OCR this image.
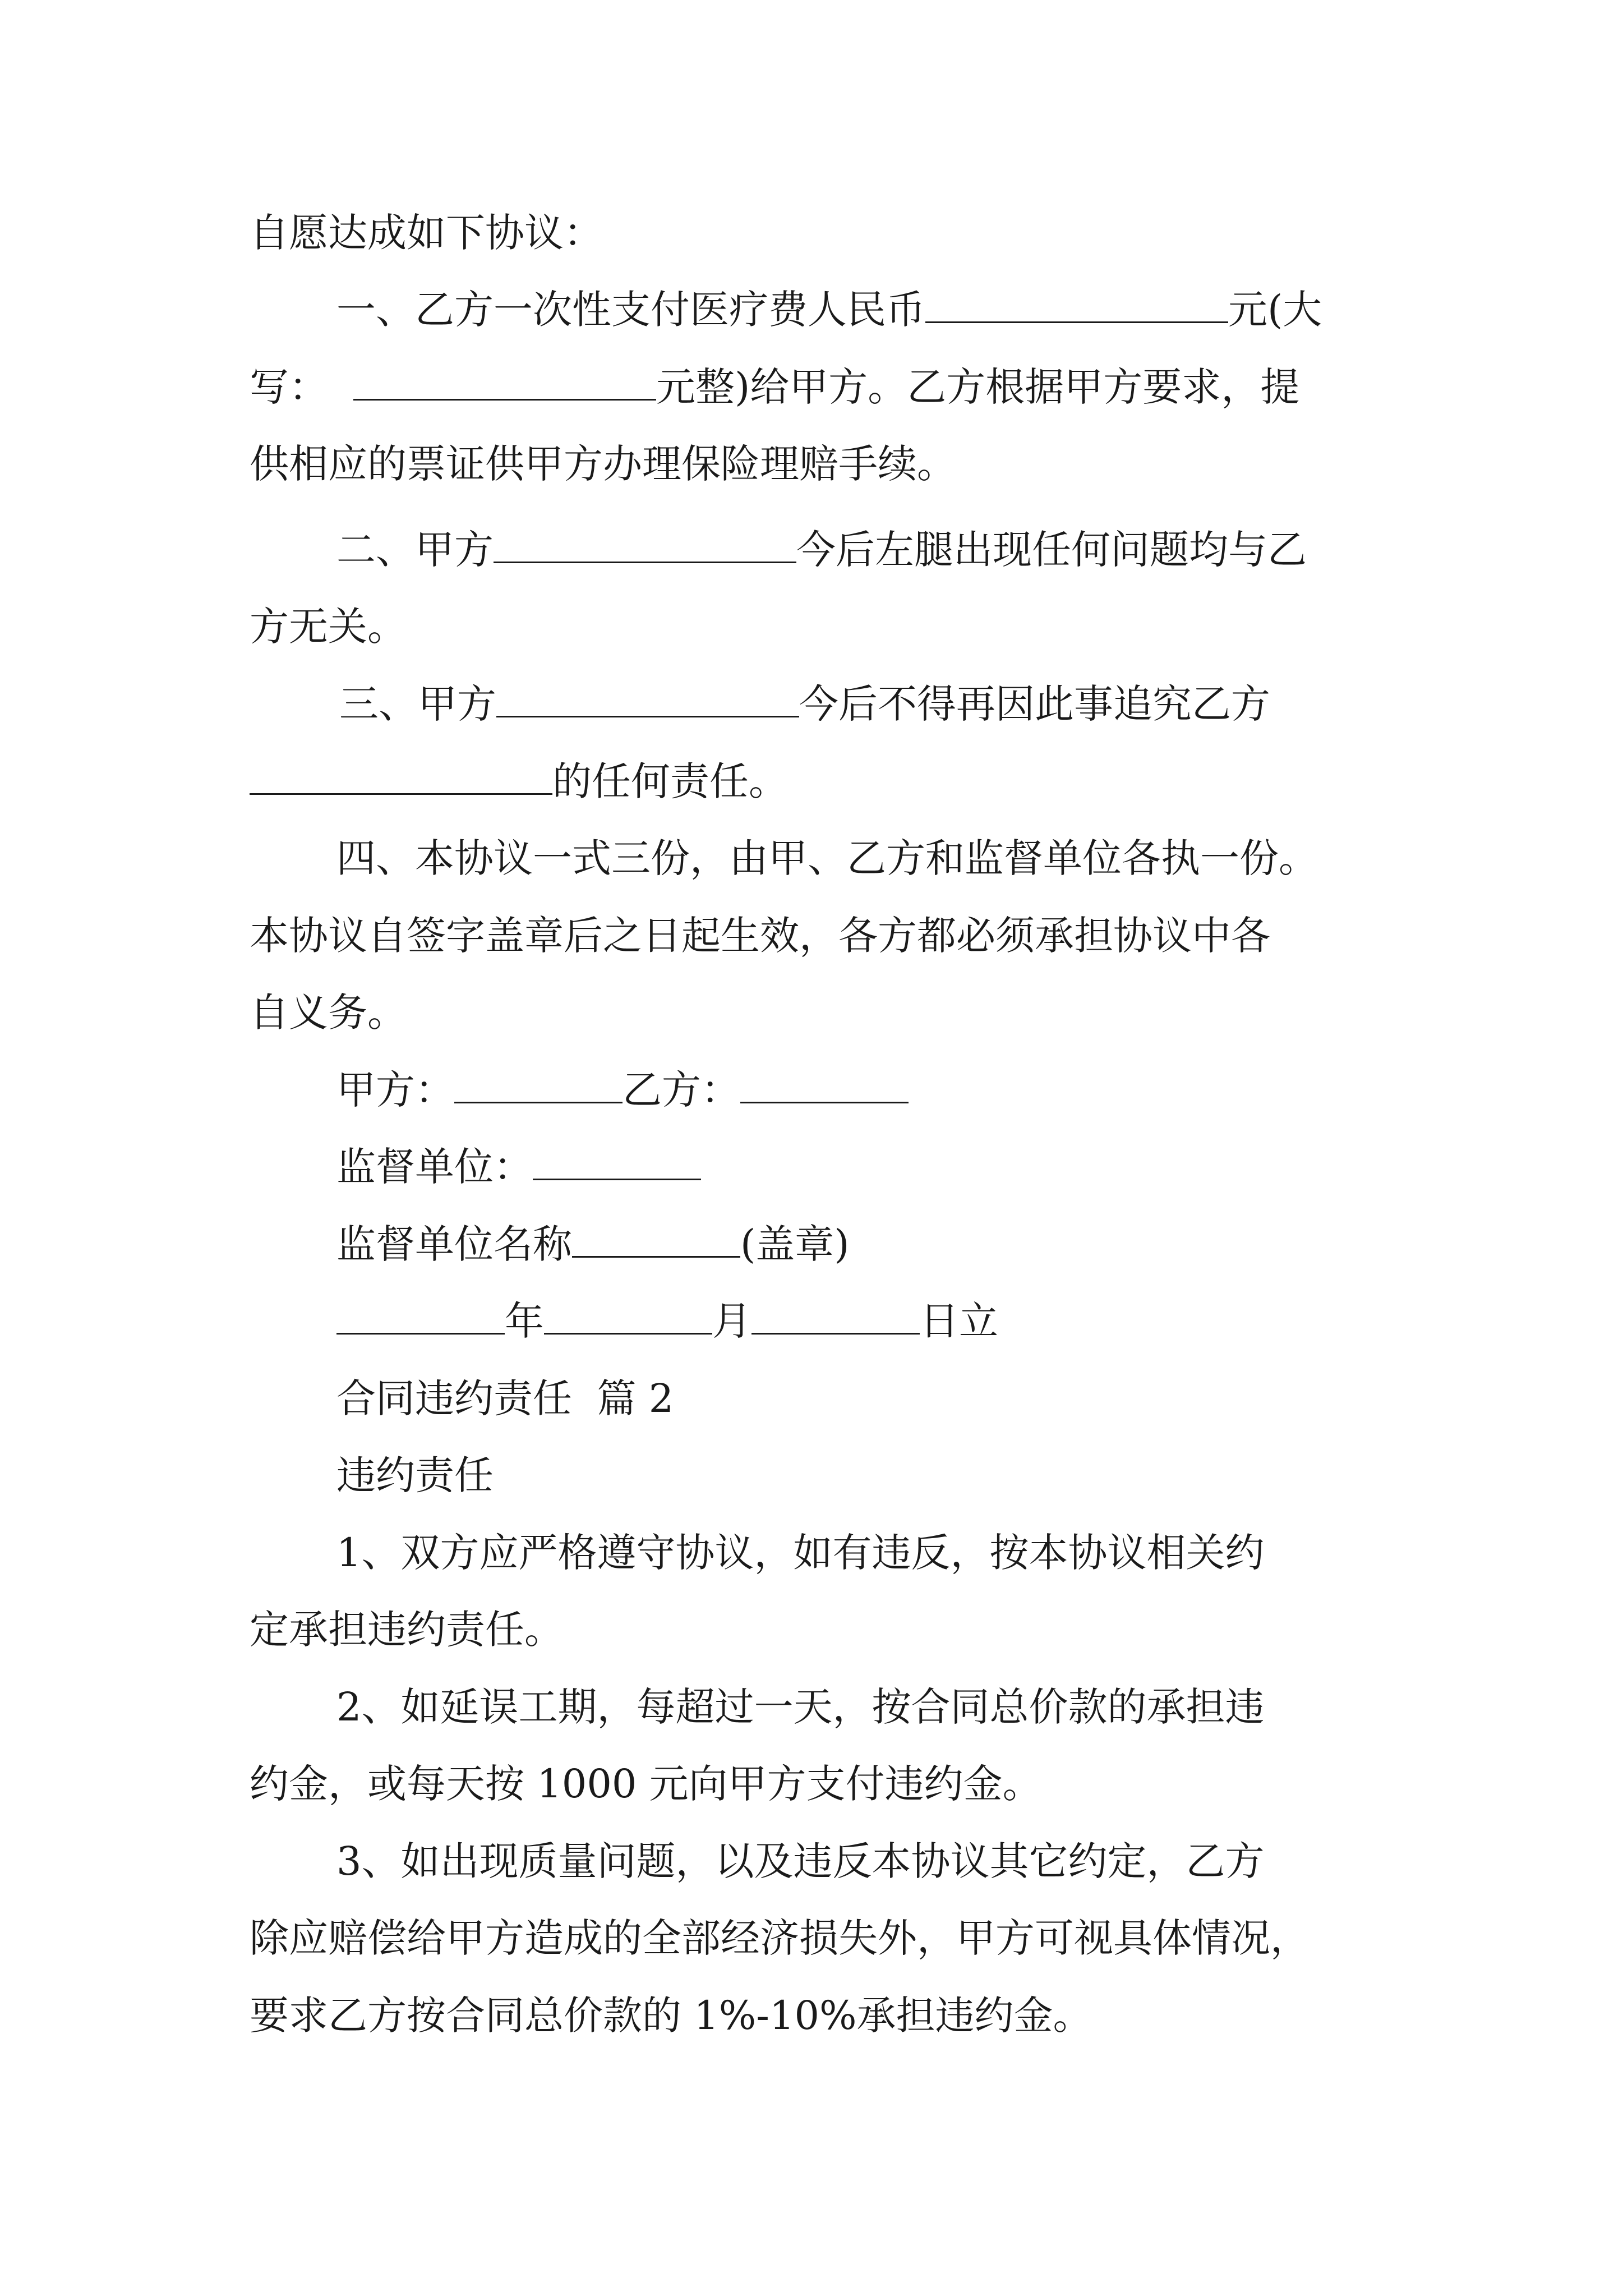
自愿达成如下协议：
一、乙方一次性支付医疗费人民币	元(大
写：	元整)给甲方。乙方根据甲方要求，提
供相应的票证供甲方办理保险理赔手续。
二、甲方	今后左腿出现任何问题均与乙
方无关。
三、甲方	今后不得再因此事追究乙方
的任何责任。
四、本协议一式三份，由甲、乙方和监督单位各执一份。
本协议自签字盖章后之日起生效，各方都必须承担协议中各
自义务。
甲方：	乙方：
监督单位：
监督单位名称	(盖章)
年	月	日立
合同违约责任  篇 2
违约责任
1、双方应严格遵守协议，如有违反，按本协议相关约
定承担违约责任。
2、如延误工期，每超过一天，按合同总价款的承担违
约金，或每天按 1000 元向甲方支付违约金。
3、如出现质量问题，以及违反本协议其它约定，乙方
除应赔偿给甲方造成的全部经济损失外，甲方可视具体情况，
要求乙方按合同总价款的 1%-10%承担违约金。
